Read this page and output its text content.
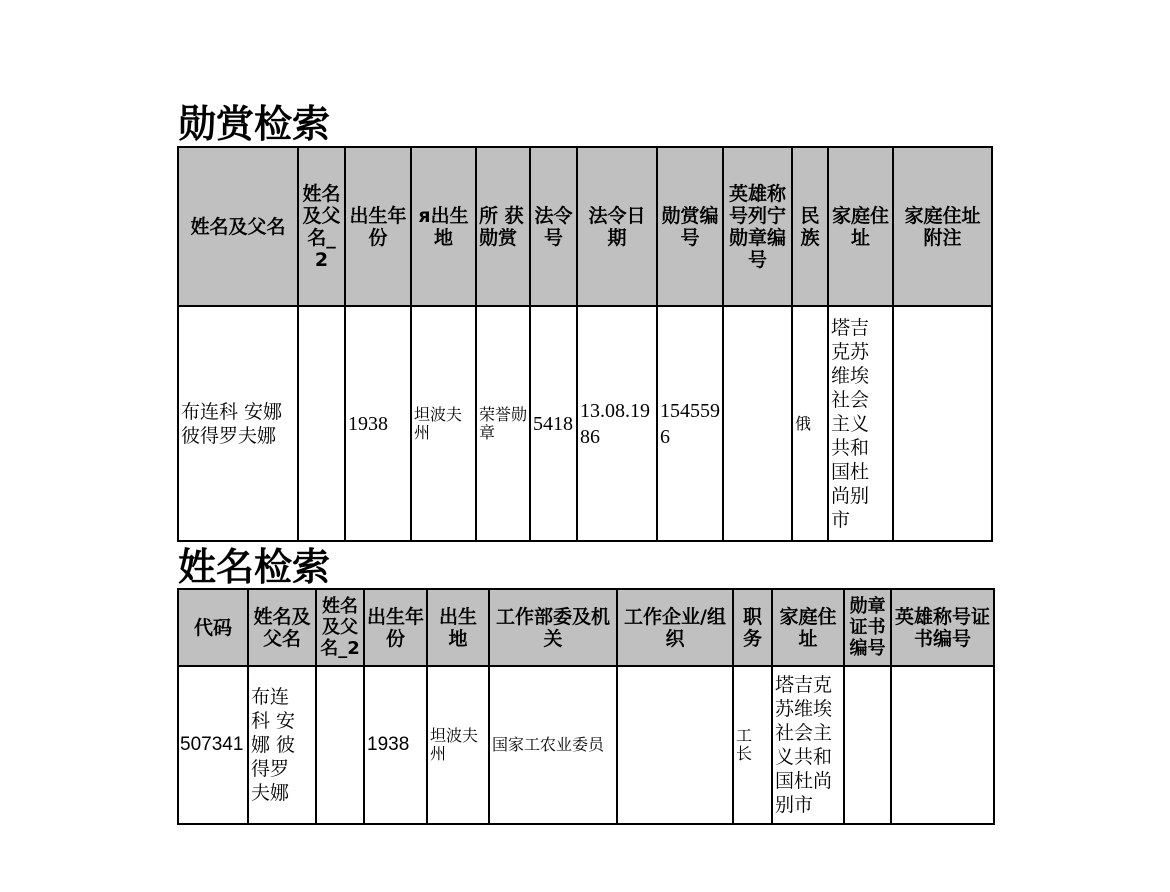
勋赏检索
姓名及父名	姓名及父名_2	出生年份	я出生地	所 获勋赏	法令号	法令日期	勋赏编号	英雄称号列宁勋章编号	民族	家庭住址	家庭住址附注
布连科 安娜彼得罗夫娜		1938	坦波夫州	荣誉勋章	5418	13.08.1986	1545596		俄	塔吉克苏维埃社会主义共和国杜尚别市	
姓名检索
代码	姓名及父名	姓名及父名_2	出生年份	出生地	工作部委及机关	工作企业/组织	职务	家庭住址	勋章证书编号	英雄称号证书编号
507341	布连科 安娜 彼得罗夫娜		1938	坦波夫州	国家工农业委员		工长	塔吉克苏维埃社会主义共和国杜尚别市		
